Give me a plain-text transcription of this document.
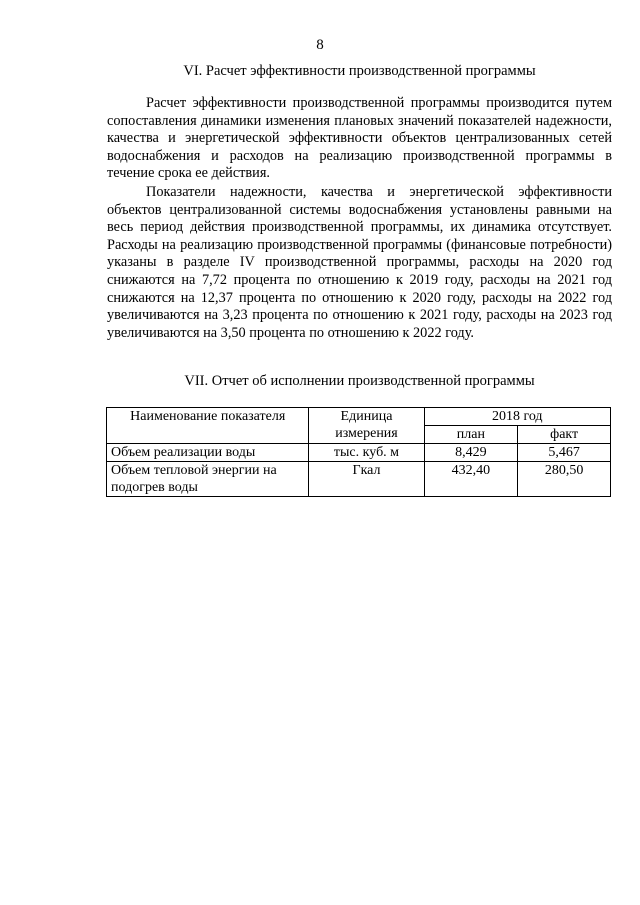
8
VI. Расчет эффективности производственной программы

Расчет эффективности производственной программы производится путем сопоставления динамики изменения плановых значений показателей надежности, качества и энергетической эффективности объектов централизованных сетей водоснабжения и расходов на реализацию производственной программы в течение срока ее действия.

Показатели надежности, качества и энергетической эффективности объектов централизованной системы водоснабжения установлены равными на весь период действия производственной программы, их динамика отсутствует. Расходы на реализацию производственной программы (финансовые потребности) указаны в разделе IV производственной программы, расходы на 2020 год снижаются на 7,72 процента по отношению к 2019 году, расходы на 2021 год снижаются на 12,37 процента по отношению к 2020 году, расходы на 2022 год увеличиваются на 3,23 процента по отношению к 2021 году, расходы на 2023 год увеличиваются на 3,50 процента по отношению к 2022 году.

VII. Отчет об исполнении производственной программы
Наименование показателя	Единица измерения	2018 год	
		план	факт
Объем реализации воды	тыс. куб. м	8,429	5,467
Объем тепловой энергии на подогрев воды	Гкал	432,40	280,50
